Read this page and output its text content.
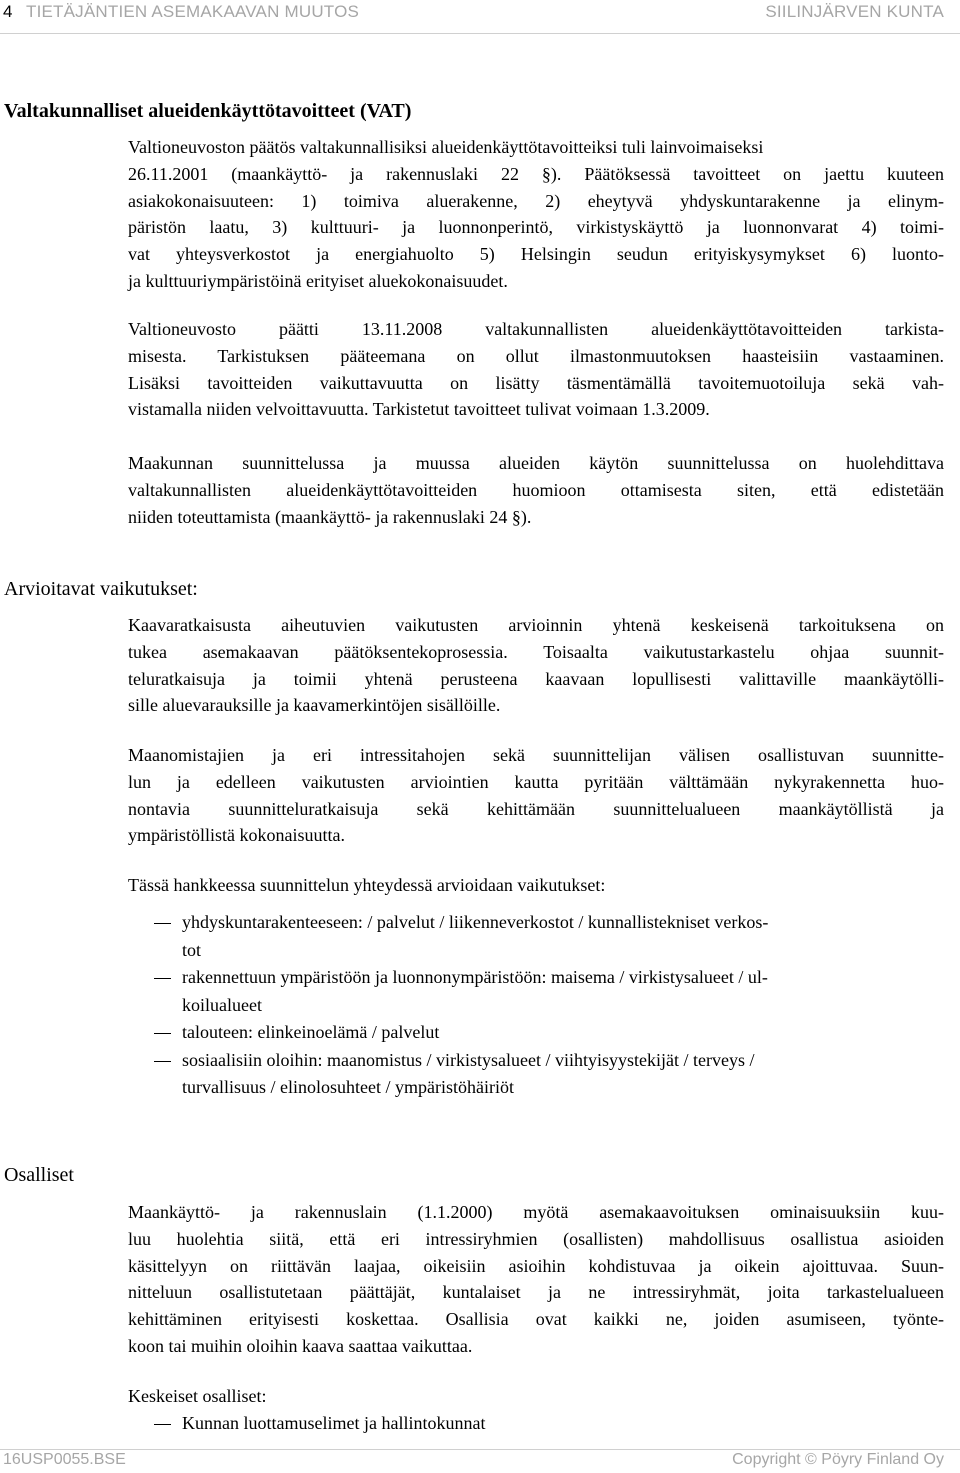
4 TIETÄJÄNTIEN ASEMAKAAVAN MUUTOS	SIILINJÄRVEN KUNTA
Valtakunnalliset alueidenkäyttötavoitteet (VAT)
Valtioneuvoston päätös valtakunnallisiksi alueidenkäyttötavoitteiksi tuli lainvoimaiseksi
26.11.2001 (maankäyttö- ja rakennuslaki 22 §). Päätöksessä tavoitteet on jaettu kuuteen
asiakokonaisuuteen: 1) toimiva aluerakenne, 2) eheytyvä yhdyskuntarakenne ja elinym-
päristön laatu, 3) kulttuuri- ja luonnonperintö, virkistyskäyttö ja luonnonvarat 4) toimi-
vat yhteysverkostot ja energiahuolto 5) Helsingin seudun erityiskysymykset 6) luonto-
ja kulttuuriympäristöinä erityiset aluekokonaisuudet.
Valtioneuvosto päätti 13.11.2008 valtakunnallisten alueidenkäyttötavoitteiden tarkista-
misesta. Tarkistuksen pääteemana on ollut ilmastonmuutoksen haasteisiin vastaaminen.
Lisäksi tavoitteiden vaikuttavuutta on lisätty täsmentämällä tavoitemuotoiluja sekä vah-
vistamalla niiden velvoittavuutta. Tarkistetut tavoitteet tulivat voimaan 1.3.2009.
Maakunnan suunnittelussa ja muussa alueiden käytön suunnittelussa on huolehdittava
valtakunnallisten alueidenkäyttötavoitteiden huomioon ottamisesta siten, että edistetään
niiden toteuttamista (maankäyttö- ja rakennuslaki 24 §).
Arvioitavat vaikutukset:
Kaavaratkaisusta aiheutuvien vaikutusten arvioinnin yhtenä keskeisenä tarkoituksena on
tukea asemakaavan päätöksentekoprosessia. Toisaalta vaikutustarkastelu ohjaa suunnit-
teluratkaisuja ja toimii yhtenä perusteena kaavaan lopullisesti valittaville maankäytölli-
sille aluevarauksille ja kaavamerkintöjen sisällöille.
Maanomistajien ja eri intressitahojen sekä suunnittelijan välisen osallistuvan suunnitte-
lun ja edelleen vaikutusten arviointien kautta pyritään välttämään nykyrakennetta huo-
nontavia suunnitteluratkaisuja sekä kehittämään suunnittelualueen maankäytöllistä ja
ympäristöllistä kokonaisuutta.
Tässä hankkeessa suunnittelun yhteydessä arvioidaan vaikutukset:
yhdyskuntarakenteeseen: / palvelut / liikenneverkostot / kunnallistekniset verkos-
tot
rakennettuun ympäristöön ja luonnonympäristöön: maisema / virkistysalueet / ul-
koilualueet
talouteen: elinkeinoelämä / palvelut
sosiaalisiin oloihin: maanomistus / virkistysalueet / viihtyisyystekijät / terveys /
turvallisuus / elinolosuhteet / ympäristöhäiriöt
Osalliset
Maankäyttö- ja rakennuslain (1.1.2000) myötä asemakaavoituksen ominaisuuksiin kuu-
luu huolehtia siitä, että eri intressiryhmien (osallisten) mahdollisuus osallistua asioiden
käsittelyyn on riittävän laajaa, oikeisiin asioihin kohdistuvaa ja oikein ajoittuvaa. Suun-
nitteluun osallistutetaan päättäjät, kuntalaiset ja ne intressiryhmät, joita tarkastelualueen
kehittäminen erityisesti koskettaa. Osallisia ovat kaikki ne, joiden asumiseen, työnte-
koon tai muihin oloihin kaava saattaa vaikuttaa.
Keskeiset osalliset:
Kunnan luottamuselimet ja hallintokunnat
16USP0055.BSE	Copyright © Pöyry Finland Oy
